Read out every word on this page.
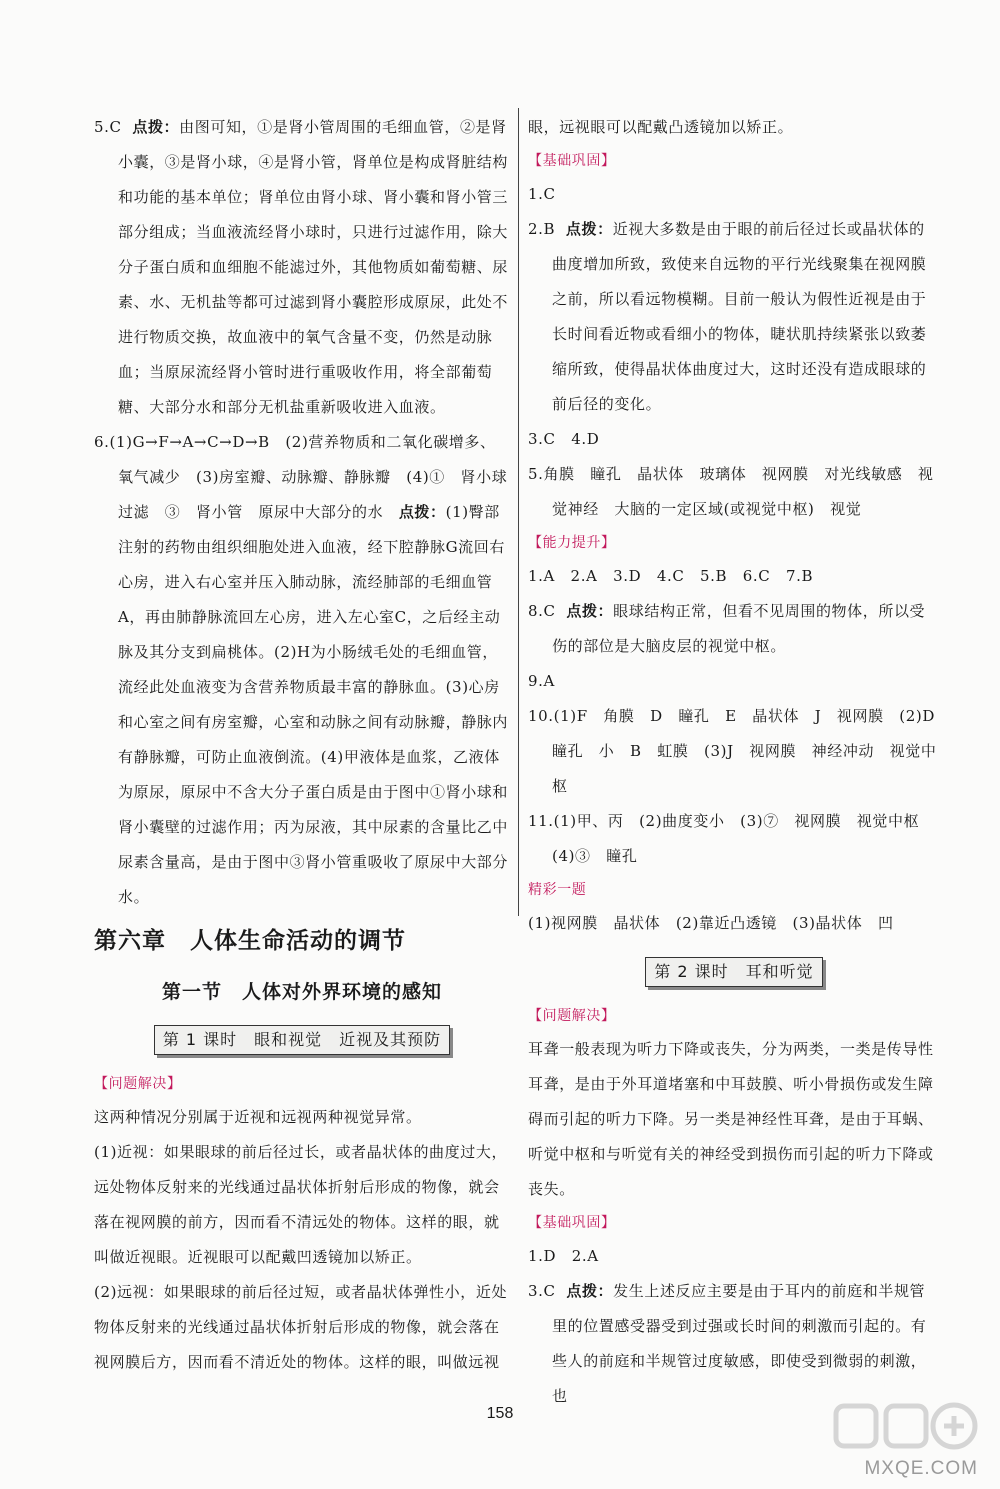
5.C 点拨：由图可知，①是肾小管周围的毛细血管，②是肾小囊，③是肾小球，④是肾小管，肾单位是构成肾脏结构和功能的基本单位；肾单位由肾小球、肾小囊和肾小管三部分组成；当血液流经肾小球时，只进行过滤作用，除大分子蛋白质和血细胞不能滤过外，其他物质如葡萄糖、尿素、水、无机盐等都可过滤到肾小囊腔形成原尿，此处不进行物质交换，故血液中的氧气含量不变，仍然是动脉血；当原尿流经肾小管时进行重吸收作用，将全部葡萄糖、大部分水和部分无机盐重新吸收进入血液。

6.(1)G→F→A→C→D→B　(2)营养物质和二氧化碳增多、氧气减少　(3)房室瓣、动脉瓣、静脉瓣　(4)①　肾小球　过滤　③　肾小管　原尿中大部分的水　点拨：(1)臀部注射的药物由组织细胞处进入血液，经下腔静脉G流回右心房，进入右心室并压入肺动脉，流经肺部的毛细血管A，再由肺静脉流回左心房，进入左心室C，之后经主动脉及其分支到扁桃体。(2)H为小肠绒毛处的毛细血管，流经此处血液变为含营养物质最丰富的静脉血。(3)心房和心室之间有房室瓣，心室和动脉之间有动脉瓣，静脉内有静脉瓣，可防止血液倒流。(4)甲液体是血浆，乙液体为原尿，原尿中不含大分子蛋白质是由于图中①肾小球和肾小囊壁的过滤作用；丙为尿液，其中尿素的含量比乙中尿素含量高，是由于图中③肾小管重吸收了原尿中大部分水。

第六章　人体生命活动的调节
第一节　人体对外界环境的感知
第 1 课时　眼和视觉　近视及其预防

【问题解决】

这两种情况分别属于近视和远视两种视觉异常。

(1)近视：如果眼球的前后径过长，或者晶状体的曲度过大，远处物体反射来的光线通过晶状体折射后形成的物像，就会落在视网膜的前方，因而看不清远处的物体。这样的眼，就叫做近视眼。近视眼可以配戴凹透镜加以矫正。

(2)远视：如果眼球的前后径过短，或者晶状体弹性小，近处物体反射来的光线通过晶状体折射后形成的物像，就会落在视网膜后方，因而看不清近处的物体。这样的眼，叫做远视

眼，远视眼可以配戴凸透镜加以矫正。

【基础巩固】

1.C

2.B 点拨：近视大多数是由于眼的前后径过长或晶状体的曲度增加所致，致使来自远物的平行光线聚集在视网膜之前，所以看远物模糊。目前一般认为假性近视是由于长时间看近物或看细小的物体，睫状肌持续紧张以致萎缩所致，使得晶状体曲度过大，这时还没有造成眼球的前后径的变化。

3.C　4.D

5.角膜　瞳孔　晶状体　玻璃体　视网膜　对光线敏感　视觉神经　大脑的一定区域(或视觉中枢)　视觉

【能力提升】

1.A　2.A　3.D　4.C　5.B　6.C　7.B

8.C 点拨：眼球结构正常，但看不见周围的物体，所以受伤的部位是大脑皮层的视觉中枢。

9.A

10.(1)F　角膜　D　瞳孔　E　晶状体　J　视网膜　(2)D　瞳孔　小　B　虹膜　(3)J　视网膜　神经冲动　视觉中枢

11.(1)甲、丙　(2)曲度变小　(3)⑦　视网膜　视觉中枢　(4)③　瞳孔

精彩一题

(1)视网膜　晶状体　(2)靠近凸透镜　(3)晶状体　凹

第 2 课时　耳和听觉

【问题解决】

耳聋一般表现为听力下降或丧失，分为两类，一类是传导性耳聋，是由于外耳道堵塞和中耳鼓膜、听小骨损伤或发生障碍而引起的听力下降。另一类是神经性耳聋，是由于耳蜗、听觉中枢和与听觉有关的神经受到损伤而引起的听力下降或丧失。

【基础巩固】

1.D　2.A

3.C 点拨：发生上述反应主要是由于耳内的前庭和半规管里的位置感受器受到过强或长时间的刺激而引起的。有些人的前庭和半规管过度敏感，即使受到微弱的刺激，也

158
MXQE.COM
